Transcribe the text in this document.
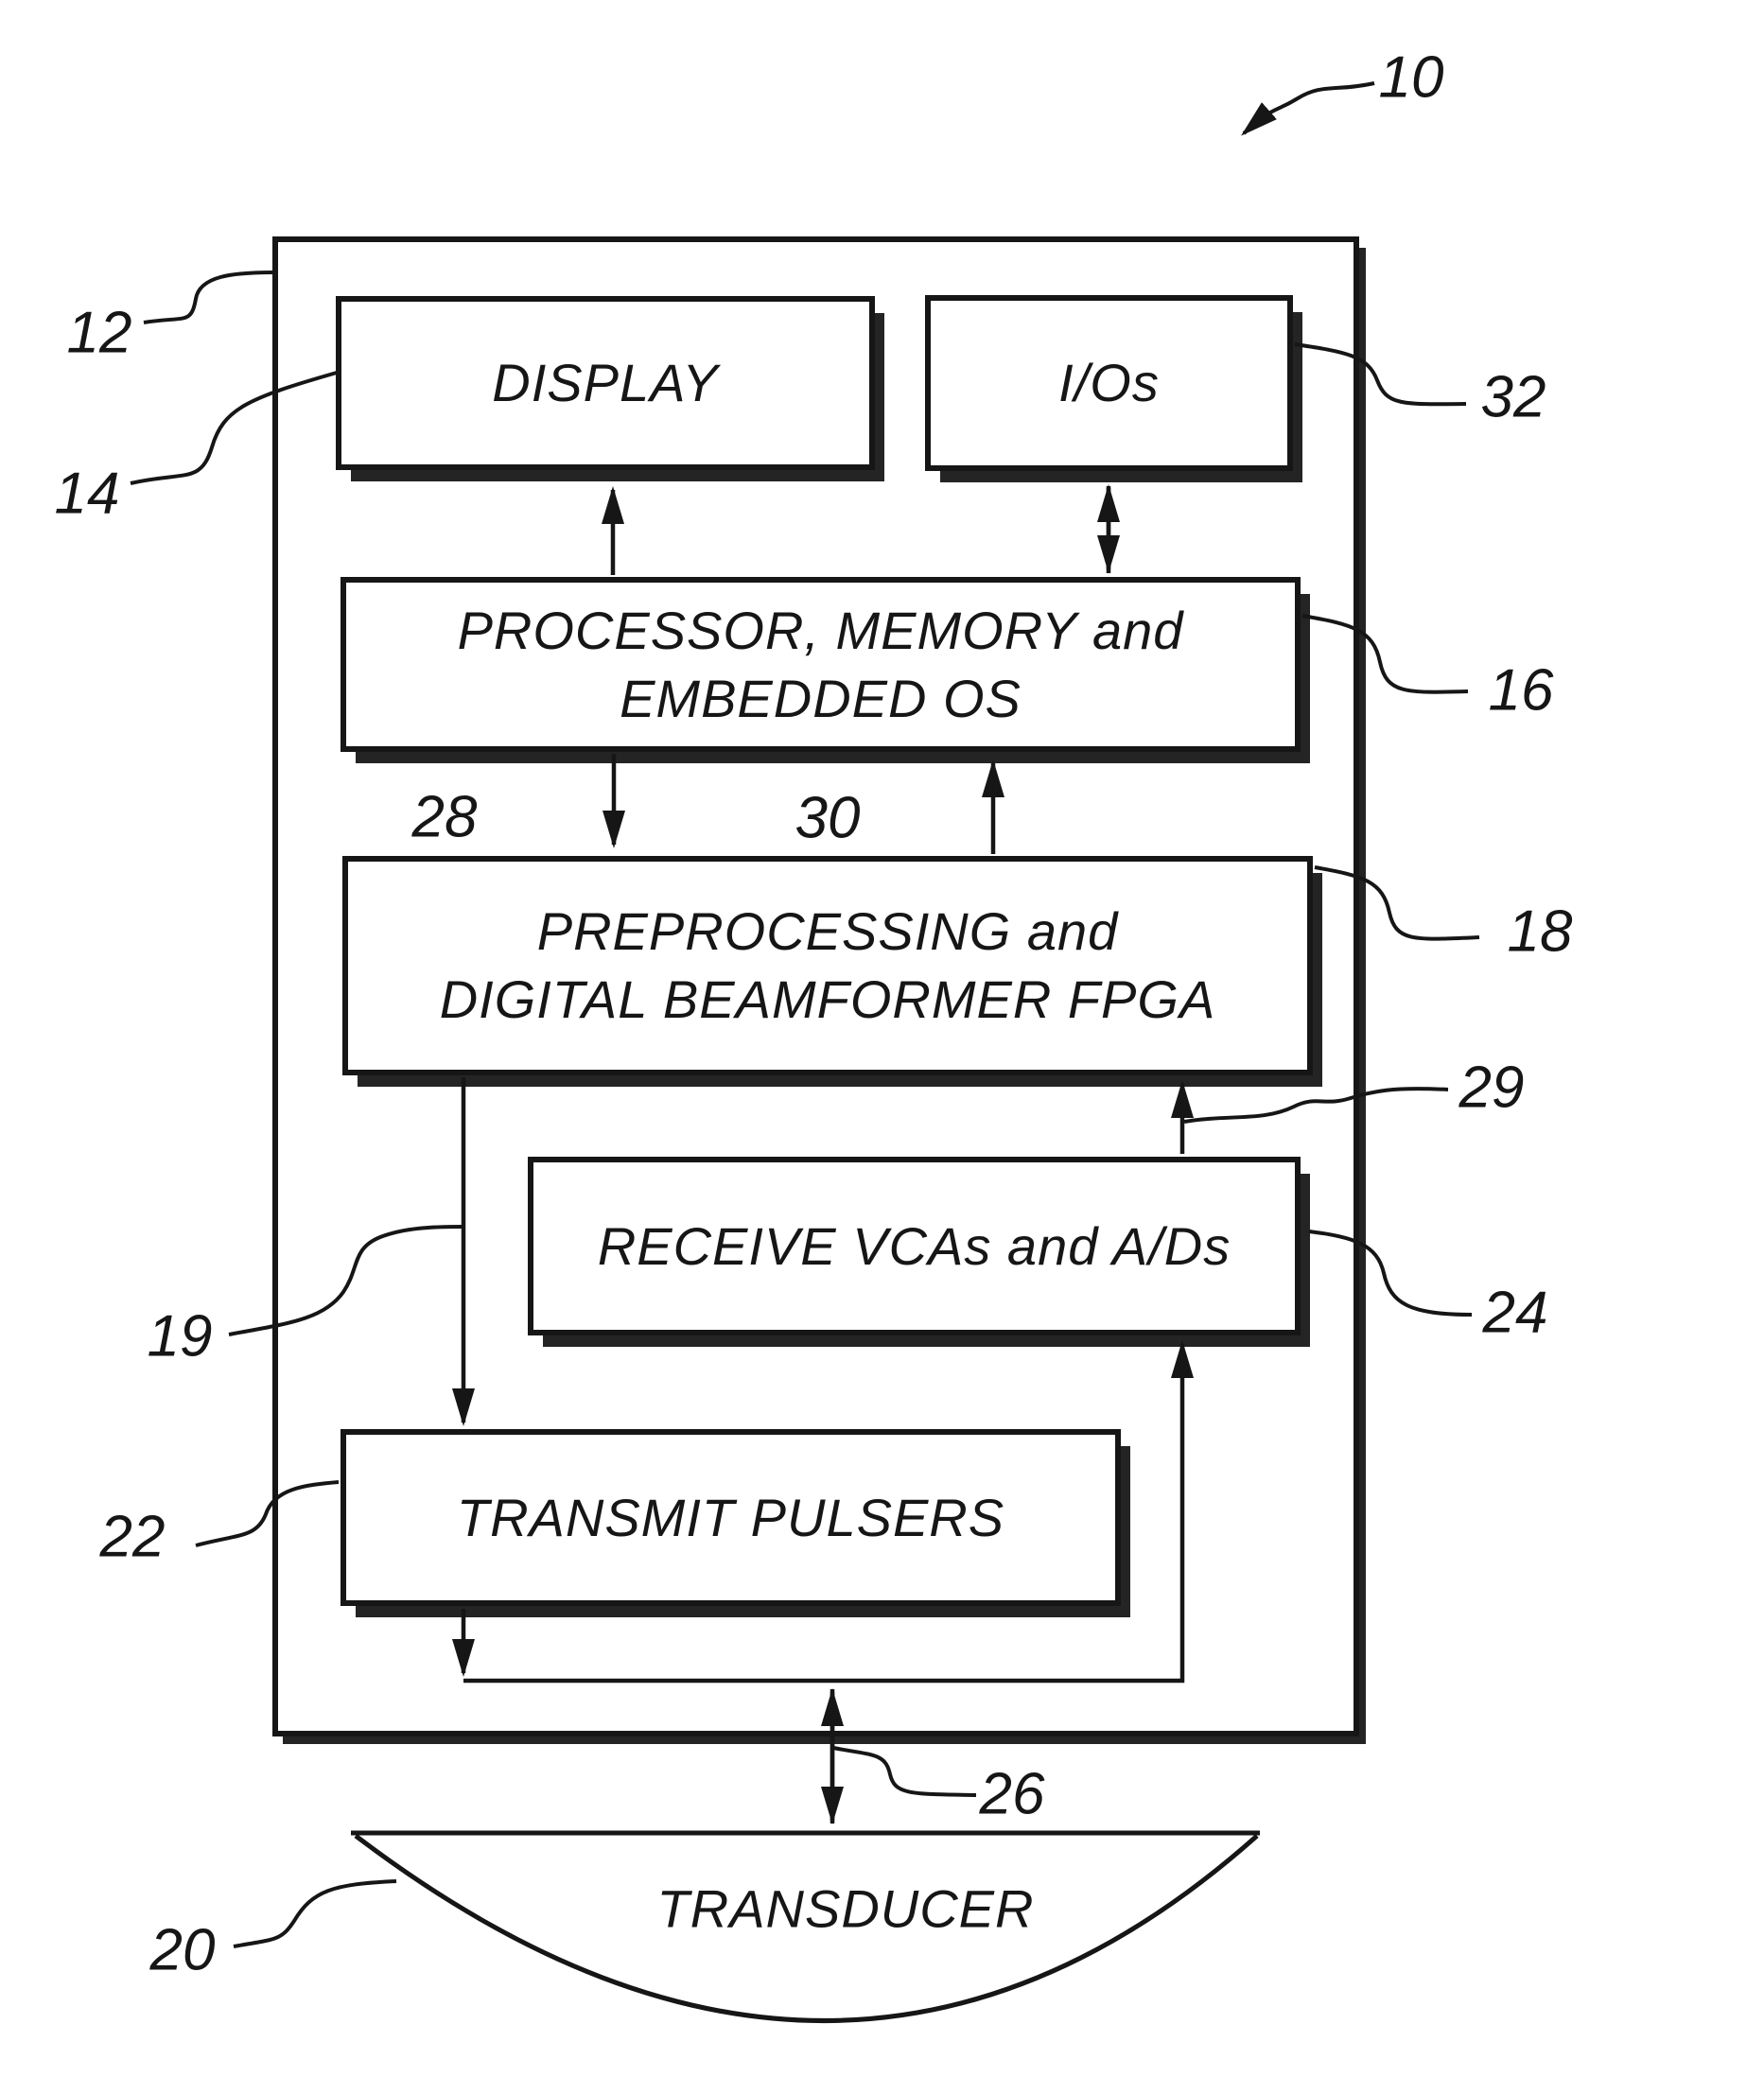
DISPLAY	I/Os
PROCESSOR, MEMORY and
EMBEDDED OS
PREPROCESSING and
DIGITAL BEAMFORMER FPGA
RECEIVE VCAs and A/Ds
TRANSMIT PULSERS
TRANSDUCER
10
12
14
32
16
28	30
18
29
19	24
22
26
20
